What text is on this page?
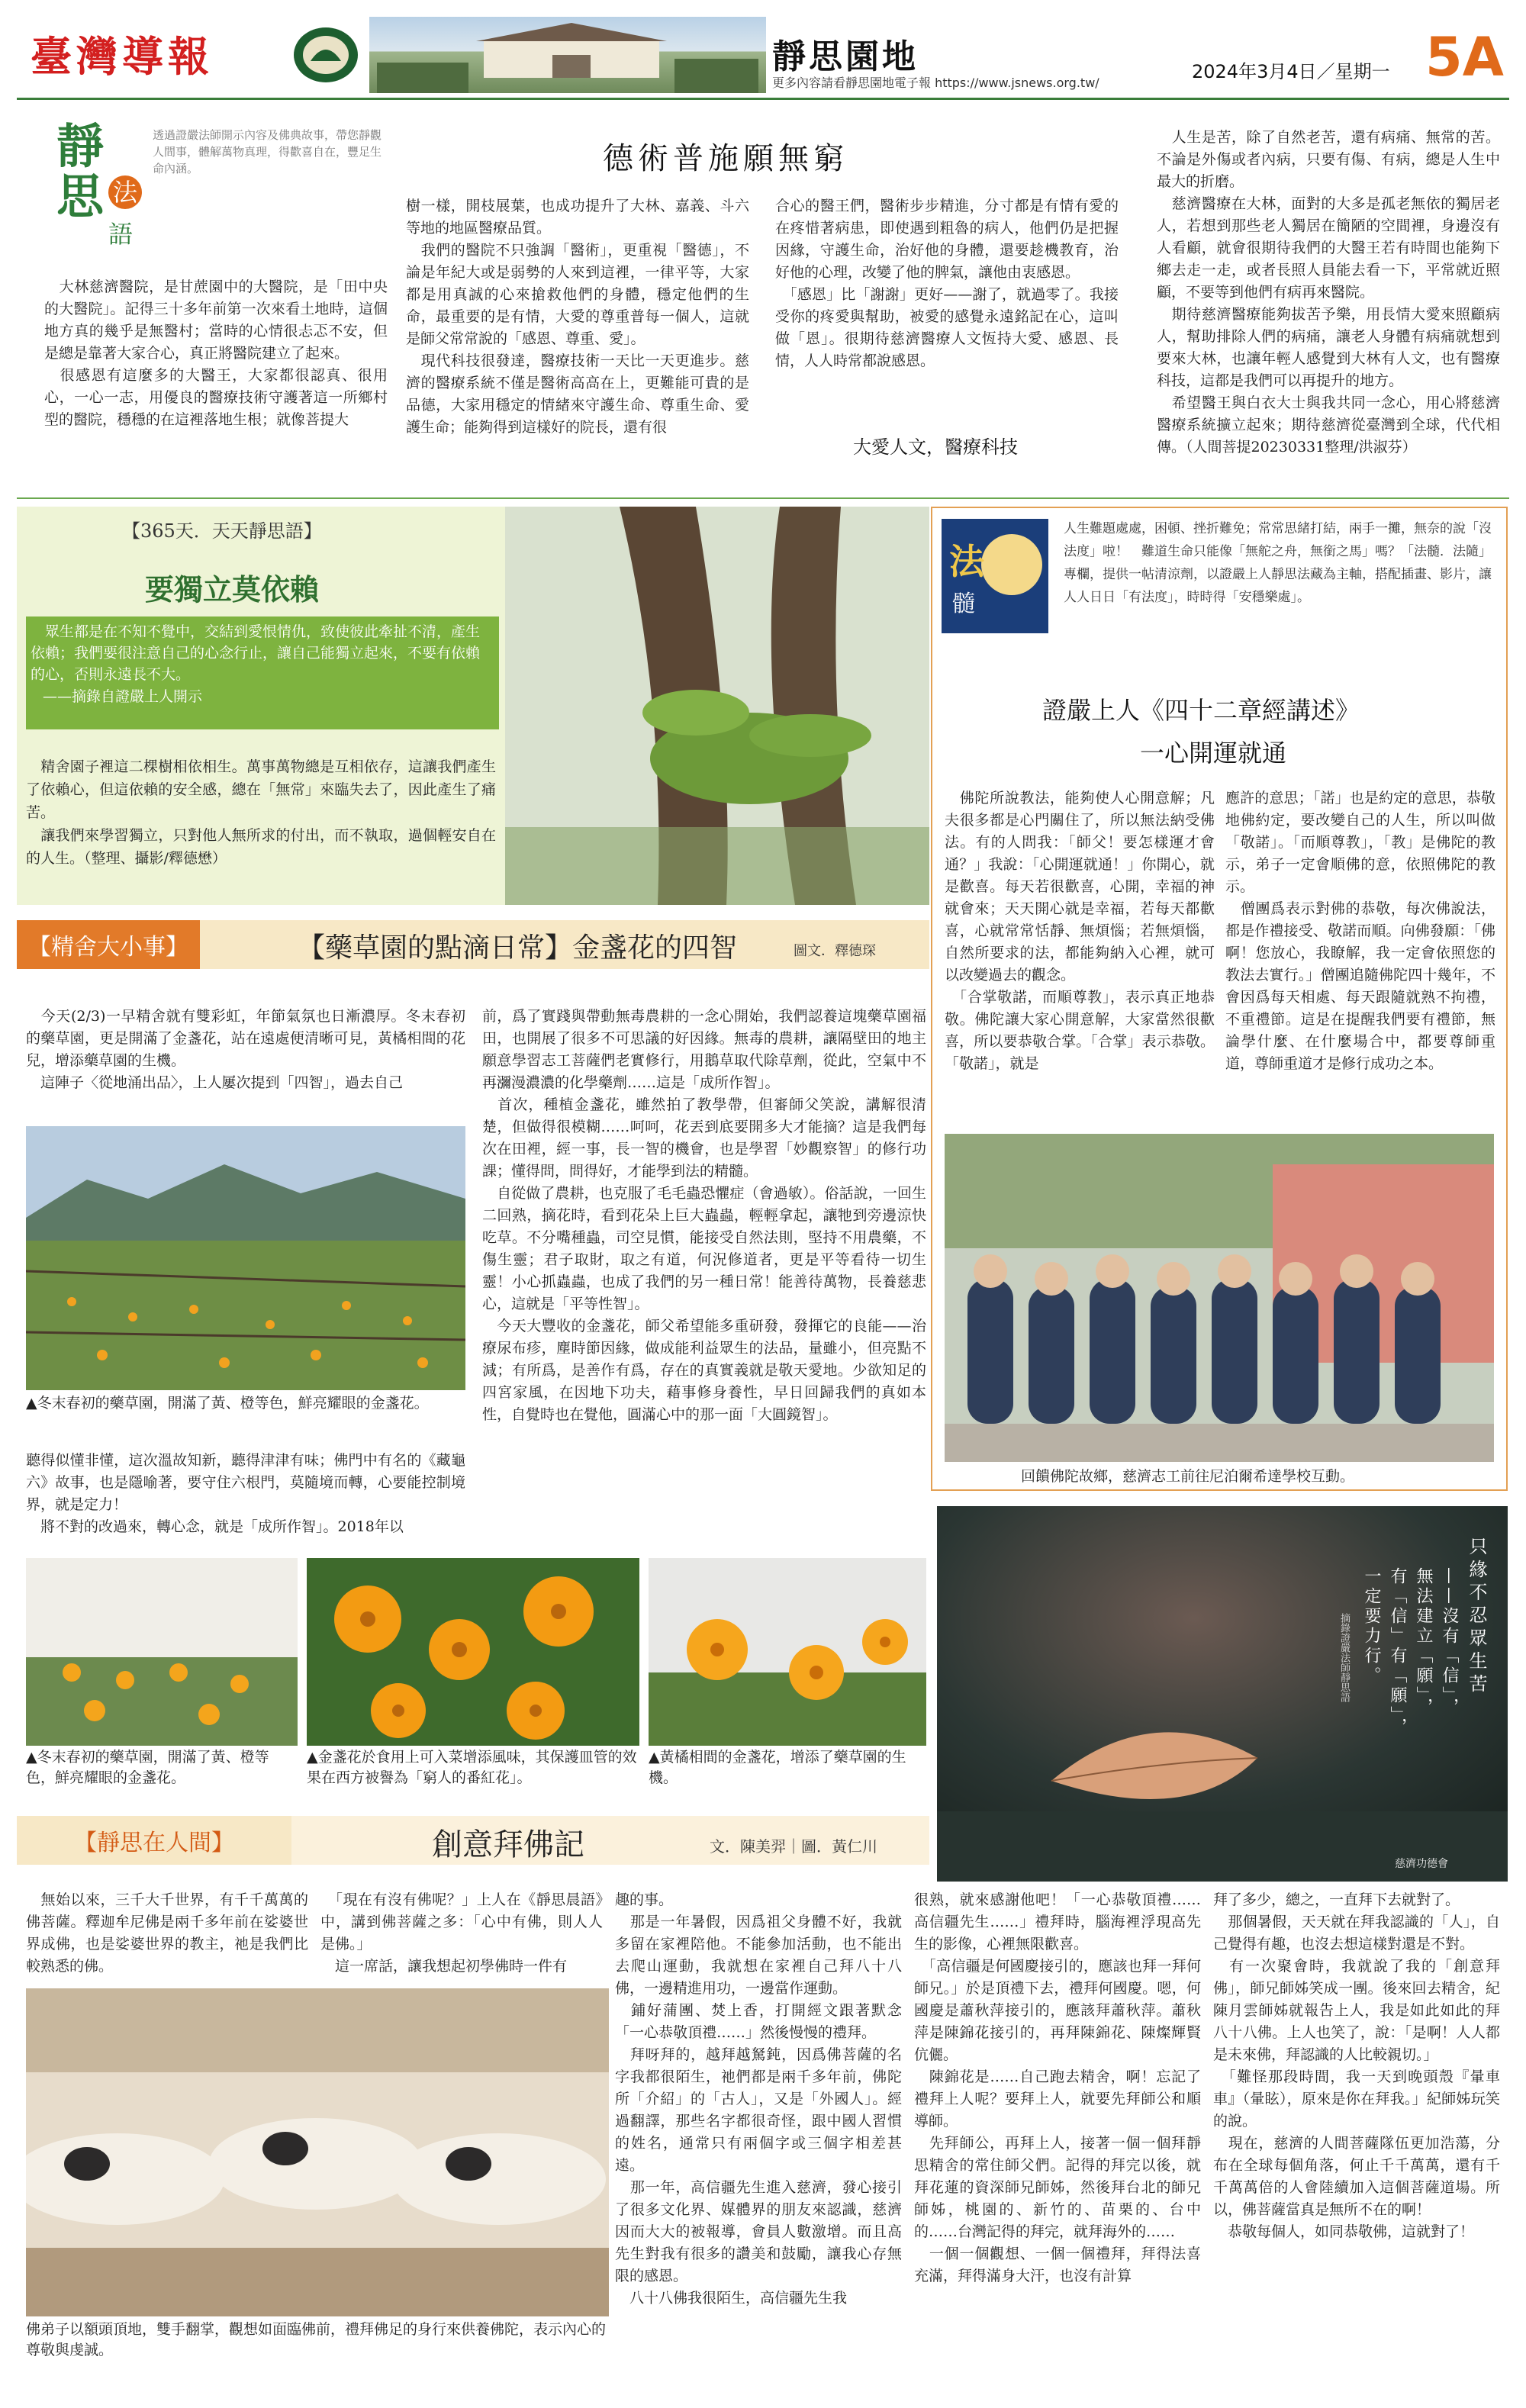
臺灣導報	靜思園地
更多內容請看靜思園地電子報 https://www.jsnews.org.tw/
2024年3月4日／星期一 5A
靜
思 法
語
透過證嚴法師開示內容及佛典故事，帶您靜觀人間事，體解萬物真理，得歡喜自在，豐足生命內涵。	德術普施願無窮
　大林慈濟醫院，是甘蔗園中的大醫院，是「田中央的大醫院」。記得三十多年前第一次來看土地時，這個地方真的幾乎是無醫村；當時的心情很忐忑不安，但是總是靠著大家合心，真正將醫院建立了起來。
　很感恩有這麼多的大醫王，大家都很認真、很用心，一心一志，用優良的醫療技術守護著這一所鄉村型的醫院，穩穩的在這裡落地生根；就像菩提大
樹一樣，開枝展葉，也成功提升了大林、嘉義、斗六等地的地區醫療品質。
　我們的醫院不只強調「醫術」，更重視「醫德」，不論是年紀大或是弱勢的人來到這裡，一律平等，大家都是用真誠的心來搶救他們的身體，穩定他們的生命，最重要的是有情，大愛的尊重普每一個人，這就是師父常常說的「感恩、尊重、愛」。
　現代科技很發達，醫療技術一天比一天更進步。慈濟的醫療系統不僅是醫術高高在上，更難能可貴的是品德，大家用穩定的情緒來守護生命、尊重生命、愛護生命；能夠得到這樣好的院長，還有很
合心的醫王們，醫術步步精進，分寸都是有情有愛的在疼惜著病患，即使遇到粗魯的病人，他們仍是把握因緣，守護生命，治好他的身體，還要趁機教育，治好他的心理，改變了他的脾氣，讓他由衷感恩。
　「感恩」比「謝謝」更好——謝了，就過零了。我接受你的疼愛與幫助，被愛的感覺永遠銘記在心，這叫做「恩」。很期待慈濟醫療人文恆持大愛、感恩、長情，人人時常都說感恩。
大愛人文，醫療科技
　人生是苦，除了自然老苦，還有病痛、無常的苦。不論是外傷或者內病，只要有傷、有病，總是人生中最大的折磨。
　慈濟醫療在大林，面對的大多是孤老無依的獨居老人，若想到那些老人獨居在簡陋的空間裡，身邊沒有人看顧，就會很期待我們的大醫王若有時間也能夠下鄉去走一走，或者長照人員能去看一下，平常就近照顧，不要等到他們有病再來醫院。
　期待慈濟醫療能夠拔苦予樂，用長情大愛來照顧病人，幫助排除人們的病痛，讓老人身體有病痛就想到要來大林，也讓年輕人感覺到大林有人文，也有醫療科技，這都是我們可以再提升的地方。
　希望醫王與白衣大士與我共同一念心，用心將慈濟醫療系統擴立起來；期待慈濟從臺灣到全球，代代相傳。（人間菩提20230331整理/洪淑芬）
【365天．天天靜思語】
要獨立莫依賴
　眾生都是在不知不覺中，交結到愛恨情仇，致使彼此牽扯不清，產生依賴；我們要很注意自己的心念行止，讓自己能獨立起來，不要有依賴的心，否則永遠長不大。
——摘錄自證嚴上人開示
　精舍園子裡這二棵樹相依相生。萬事萬物總是互相依存，這讓我們產生了依賴心，但這依賴的安全感，總在「無常」來臨失去了，因此產生了痛苦。
　讓我們來學習獨立，只對他人無所求的付出，而不執取，過個輕安自在的人生。（整理、攝影/釋德懋）
法
髓
人生難題處處，困頓、挫折難免；常常思緒打結，兩手一攤，無奈的說「沒法度」啦！　難道生命只能像「無舵之舟，無銜之馬」嗎？「法髓．法隨」專欄，提供一帖清涼劑，以證嚴上人靜思法藏為主軸，搭配插畫、影片，讓人人日日「有法度」，時時得「安穩樂處」。
證嚴上人《四十二章經講述》
一心開運就通
　佛陀所說教法，能夠使人心開意解；凡夫很多都是心門關住了，所以無法納受佛法。有的人問我：「師父！要怎樣運才會通？」我說：「心開運就通！」你開心，就是歡喜。每天若很歡喜，心開，幸福的神就會來；天天開心就是幸福，若每天都歡喜，心就常常恬靜、無煩惱；若無煩惱，自然所要求的法，都能夠納入心裡，就可以改變過去的觀念。
　「合掌敬諾，而順尊教」，表示真正地恭敬。佛陀讓大家心開意解，大家當然很歡喜，所以要恭敬合掌。「合掌」表示恭敬。「敬諾」，就是
應許的意思；「諾」也是約定的意思，恭敬地佛約定，要改變自己的人生，所以叫做「敬諾」。「而順尊教」，「教」是佛陀的教示，弟子一定會順佛的意，依照佛陀的教示。
　僧團爲表示對佛的恭敬，每次佛說法，都是作禮接受、敬諾而順。向佛發願：「佛啊！您放心，我瞭解，我一定會依照您的教法去實行。」僧團追隨佛陀四十幾年，不會因爲每天相處、每天跟隨就熟不拘禮，不重禮節。這是在提醒我們要有禮節，無論學什麼、在什麼場合中，都要尊師重道，尊師重道才是修行成功之本。
回饋佛陀故鄉，慈濟志工前往尼泊爾希達學校互動。
【精舍大小事】	【藥草園的點滴日常】金盞花的四智	圖文．釋德琛
　今天(2/3)一早精舍就有雙彩虹，年節氣氛也日漸濃厚。冬末春初的藥草園，更是開滿了金盞花，站在遠處便清晰可見，黃橘相間的花兒，增添藥草園的生機。
　這陣子〈從地涌出品〉，上人屢次提到「四智」，過去自己
▲冬末春初的藥草園，開滿了黃、橙等色，鮮亮耀眼的金盞花。
聽得似懂非懂，這次溫故知新，聽得津津有味；佛門中有名的《藏龜六》故事，也是隱喻著，要守住六根門，莫隨境而轉，心要能控制境界，就是定力！
　將不對的改過來，轉心念，就是「成所作智」。2018年以
前，爲了實踐與帶動無毒農耕的一念心開始，我們認養這塊藥草園福田，也開展了很多不可思議的好因緣。無毒的農耕，讓隔壁田的地主願意學習志工菩薩們老實修行，用鵝草取代除草劑，從此，空氣中不再瀰漫濃濃的化學藥劑……這是「成所作智」。
　首次，種植金盞花，雖然拍了教學帶，但審師父笑說，講解很清楚，但做得很模糊……呵呵，花丟到底要開多大才能摘？這是我們每次在田裡，經一事，長一智的機會，也是學習「妙觀察智」的修行功課；懂得問，問得好，才能學到法的精髓。
　自從做了農耕，也克服了毛毛蟲恐懼症（會過敏）。俗話說，一回生二回熟，摘花時，看到花朵上巨大蟲蟲，輕輕拿起，讓牠到旁邊涼快吃草。不分嘴種蟲，司空見慣，能接受自然法則，堅持不用農藥，不傷生靈；君子取財，取之有道，何況修道者，更是平等看待一切生靈！小心抓蟲蟲，也成了我們的另一種日常！能善待萬物，長養慈悲心，這就是「平等性智」。
　今天大豐收的金盞花，師父希望能多重研發，發揮它的良能——治療尿布疹，塵時節因緣，做成能利益眾生的法品，量雖小，但亮點不減；有所爲，是善作有爲，存在的真實義就是敬天愛地。少欲知足的四宮家風，在因地下功夫，藉事修身養性，早日回歸我們的真如本性，自覺時也在覺他，圓滿心中的那一面「大圓鏡智」。
▲冬末春初的藥草園，開滿了黃、橙等色，鮮亮耀眼的金盞花。
▲金盞花於食用上可入菜增添風味，其保護皿管的效果在西方被譽為「窮人的番紅花」。
▲黃橘相間的金盞花，增添了藥草園的生機。
只緣不忍眾生苦
——沒有「信」，
無法建立「願」，
有「信」有「願」，
一定要力行。
摘錄證嚴法師靜思語
慈濟功德會
【靜思在人間】	創意拜佛記	文．陳美羿｜圖．黃仁川
　無始以來，三千大千世界，有千千萬萬的佛菩薩。釋迦牟尼佛是兩千多年前在娑婆世界成佛，也是娑婆世界的教主，祂是我們比較熟悉的佛。
　「現在有沒有佛呢？」上人在《靜思晨語》中，講到佛菩薩之多：「心中有佛，則人人是佛。」
　這一席話，讓我想起初學佛時一件有
佛弟子以額頭頂地，雙手翻掌，觀想如面臨佛前，禮拜佛足的身行來供養佛陀，表示內心的尊敬與虔誠。
趣的事。
　那是一年暑假，因爲祖父身體不好，我就多留在家裡陪他。不能參加活動，也不能出去爬山運動，我就想在家裡自己拜八十八佛，一邊精進用功，一邊當作運動。
　鋪好蒲團、焚上香，打開經文跟著默念「一心恭敬頂禮……」然後慢慢的禮拜。
　拜呀拜的，越拜越駑鈍，因爲佛菩薩的名字我都很陌生，祂們都是兩千多年前，佛陀所「介紹」的「古人」，又是「外國人」。經過翻譯，那些名字都很奇怪，跟中國人習慣的姓名，通常只有兩個字或三個字相差甚遠。
　那一年，高信疆先生進入慈濟，發心接引了很多文化界、媒體界的朋友來認識，慈濟因而大大的被報導，會員人數激增。而且高先生對我有很多的讚美和鼓勵，讓我心存無限的感恩。
　八十八佛我很陌生，高信疆先生我
很熟，就來感謝他吧！「一心恭敬頂禮……高信疆先生……」禮拜時，腦海裡浮現高先生的影像，心裡無限歡喜。
　「高信疆是何國慶接引的，應該也拜一拜何師兄。」於是頂禮下去，禮拜何國慶。嗯，何國慶是蕭秋萍接引的，應該拜蕭秋萍。蕭秋萍是陳錦花接引的，再拜陳錦花、陳燦輝賢伉儷。
　陳錦花是……自己跑去精舍，啊！忘記了禮拜上人呢？要拜上人，就要先拜師公和順導師。
　先拜師公，再拜上人，接著一個一個拜靜思精舍的常住師父們。記得的拜完以後，就拜花蓮的資深師兄師姊，然後拜台北的師兄師姊，桃園的、新竹的、苗栗的、台中的……台灣記得的拜完，就拜海外的……
　一個一個觀想、一個一個禮拜，拜得法喜充滿，拜得滿身大汗，也沒有計算
拜了多少，總之，一直拜下去就對了。
　那個暑假，天天就在拜我認識的「人」，自己覺得有趣，也沒去想這樣對還是不對。
　有一次聚會時，我就說了我的「創意拜佛」，師兄師姊笑成一團。後來回去精舍，紀陳月雲師姊就報告上人，我是如此如此的拜八十八佛。上人也笑了，說：「是啊！人人都是未來佛，拜認識的人比較親切。」
　「難怪那段時間，我一天到晚頭殼『暈車車』（暈眩），原來是你在拜我。」紀師姊玩笑的說。
　現在，慈濟的人間菩薩隊伍更加浩蕩，分布在全球每個角落，何止千千萬萬，還有千千萬萬倍的人會陸續加入這個菩薩道場。所以，佛菩薩當真是無所不在的啊！
　恭敬每個人，如同恭敬佛，這就對了！
